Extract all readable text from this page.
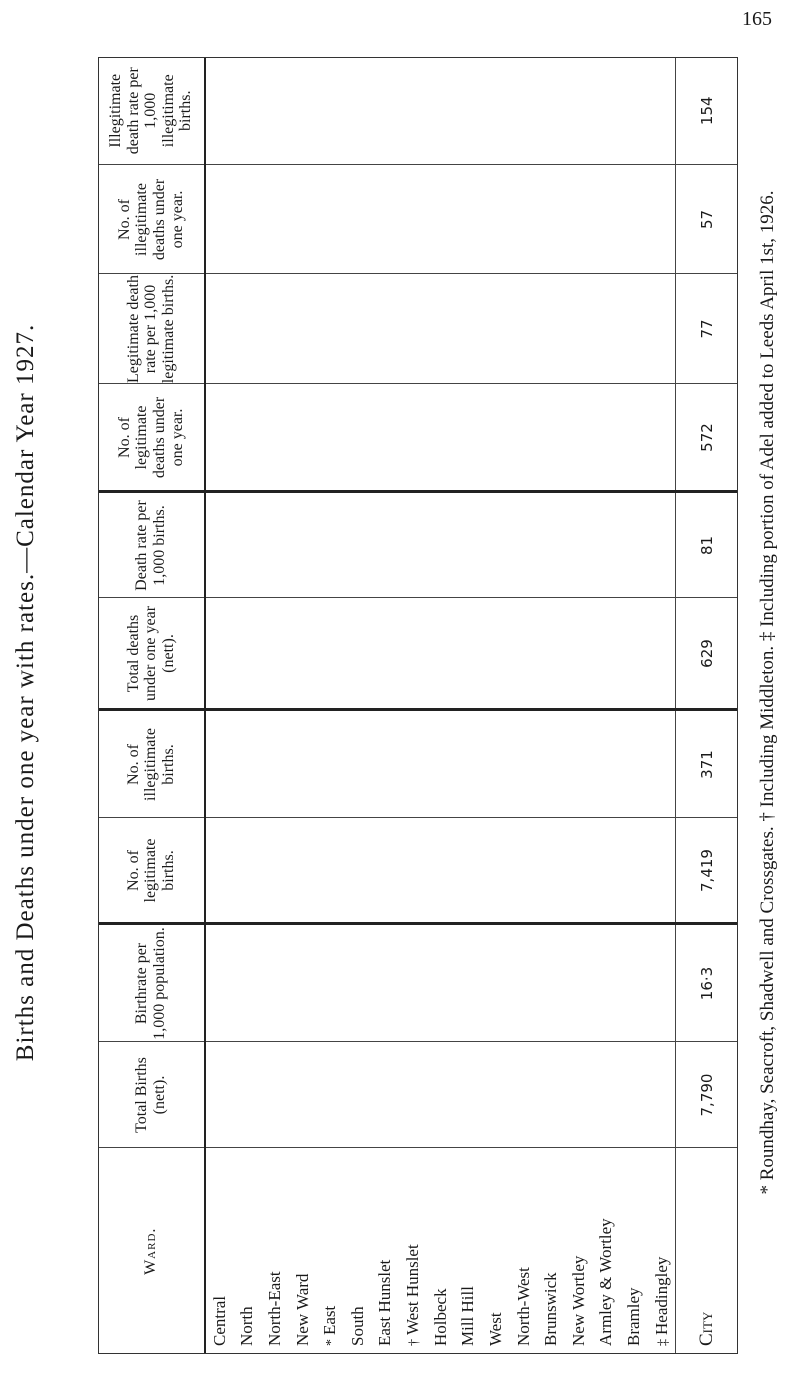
165
Births and Deaths under one year with rates.—Calendar Year 1927.
Ward.	Total Births (nett).	Birthrate per 1,000 population.	No. of legitimate births.	No. of illegitimate births.	Total deaths under one year (nett).	Death rate per 1,000 births.	No. of legitimate deaths under one year.	Legitimate death rate per 1,000 legitimate births.	No. of illegitimate deaths under one year.	Illegitimate death rate per 1,000 illegitimate births.
Central										
North										
North-East										
New Ward										
*East										
South										
East Hunslet										
†West Hunslet										
Holbeck										
Mill Hill										
West										
North-West										
Brunswick										
New Wortley										
Armley & Wortley										
Bramley										
‡Headingley										
City	7,790	16·3	7,419	371	629	81	572	77	57	154
* Roundhay, Seacroft, Shadwell and Crossgates. † Including Middleton. ‡ Including portion of Adel added to Leeds April 1st, 1926.
